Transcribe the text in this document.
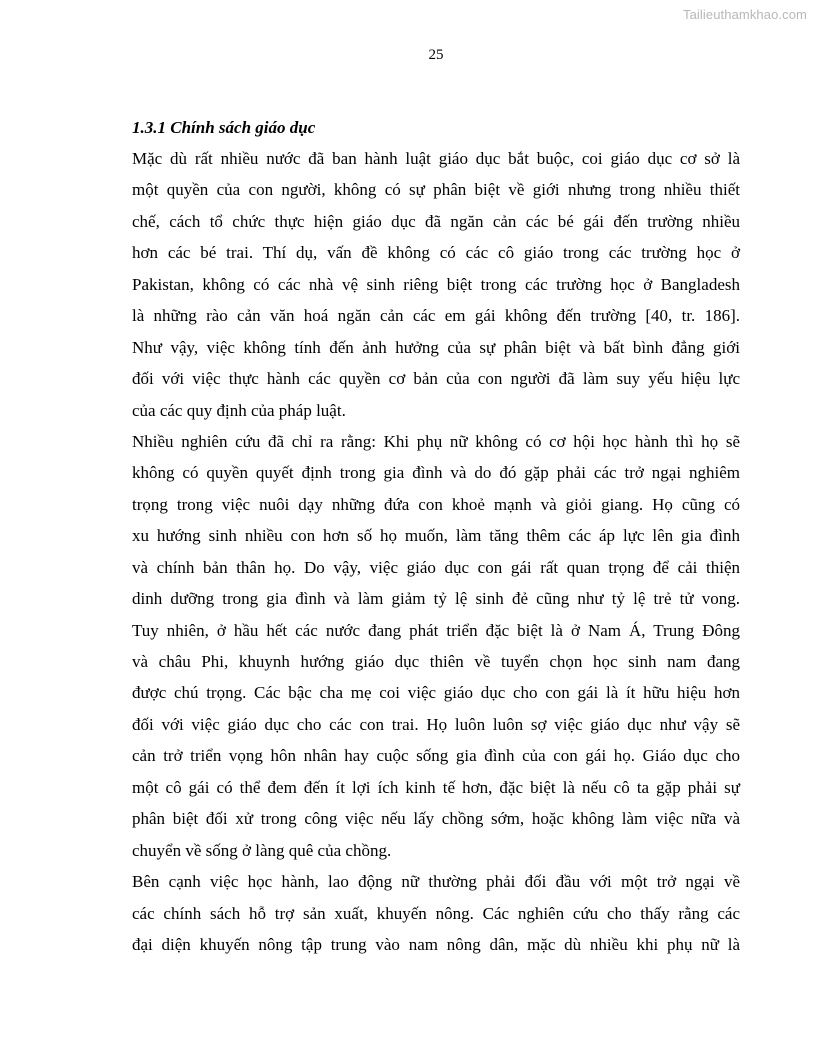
Tailieuthamkhao.com
25

1.3.1 Chính sách giáo dục

Mặc dù rất nhiều nước đã ban hành luật giáo dục bắt buộc, coi giáo dục cơ sở là
một quyền của con người, không có sự phân biệt về giới nhưng trong nhiều thiết
chế, cách tổ chức thực hiện giáo dục đã ngăn cản các bé gái đến trường nhiều
hơn các bé trai. Thí dụ, vấn đề không có các cô giáo trong các trường học ở
Pakistan, không có các nhà vệ sinh riêng biệt trong các trường học ở Bangladesh
là những rào cản văn hoá ngăn cản các em gái không đến trường [40, tr. 186].
Như vậy, việc không tính đến ảnh hưởng của sự phân biệt và bất bình đẳng giới
đối với việc thực hành các quyền cơ bản của con người đã làm suy yếu hiệu lực
của các quy định của pháp luật.
Nhiều nghiên cứu đã chỉ ra rằng: Khi phụ nữ không có cơ hội học hành thì họ sẽ
không có quyền quyết định trong gia đình và do đó gặp phải các trở ngại nghiêm
trọng trong việc nuôi dạy những đứa con khoẻ mạnh và giỏi giang. Họ cũng có
xu hướng sinh nhiều con hơn số họ muốn, làm tăng thêm các áp lực lên gia đình
và chính bản thân họ. Do vậy, việc giáo dục con gái rất quan trọng để cải thiện
dinh dưỡng trong gia đình và làm giảm tỷ lệ sinh đẻ cũng như tỷ lệ trẻ tử vong.
Tuy nhiên, ở hầu hết các nước đang phát triển đặc biệt là ở Nam Á, Trung Đông
và châu Phi, khuynh hướng giáo dục thiên về tuyển chọn học sinh nam đang
được chú trọng. Các bậc cha mẹ coi việc giáo dục cho con gái là ít hữu hiệu hơn
đối với việc giáo dục cho các con trai. Họ luôn luôn sợ việc giáo dục như vậy sẽ
cản trở triển vọng hôn nhân hay cuộc sống gia đình của con gái họ. Giáo dục cho
một cô gái có thể đem đến ít lợi ích kinh tế hơn, đặc biệt là nếu cô ta gặp phải sự
phân biệt đối xử trong công việc nếu lấy chồng sớm, hoặc không làm việc nữa và
chuyển về sống ở làng quê của chồng.
Bên cạnh việc học hành, lao động nữ thường phải đối đầu với một trở ngại về
các chính sách hỗ trợ sản xuất, khuyến nông. Các nghiên cứu cho thấy rằng các
đại diện khuyến nông tập trung vào nam nông dân, mặc dù nhiều khi phụ nữ là
